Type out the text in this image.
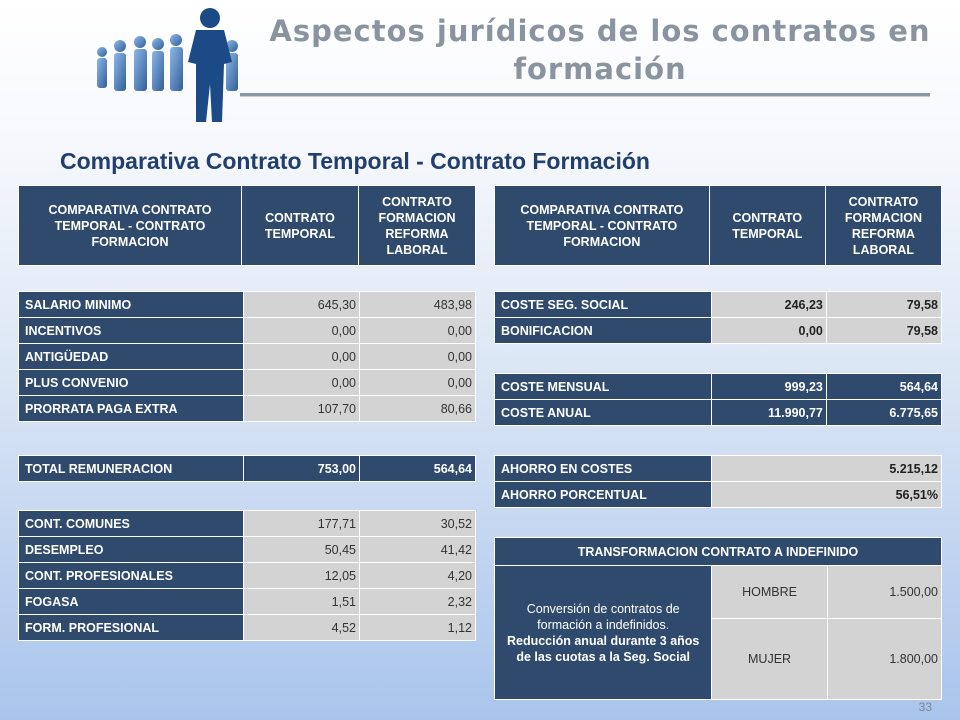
Aspectos jurídicos de los contratos en formación
Comparativa Contrato Temporal - Contrato Formación
COMPARATIVA CONTRATO TEMPORAL - CONTRATO FORMACION	CONTRATO TEMPORAL	CONTRATO FORMACION REFORMA LABORAL
SALARIO MINIMO	645,30	483,98
INCENTIVOS	0,00	0,00
ANTIGÜEDAD	0,00	0,00
PLUS CONVENIO	0,00	0,00
PRORRATA PAGA EXTRA	107,70	80,66
TOTAL REMUNERACION	753,00	564,64
CONT. COMUNES	177,71	30,52
DESEMPLEO	50,45	41,42
CONT. PROFESIONALES	12,05	4,20
FOGASA	1,51	2,32
FORM. PROFESIONAL	4,52	1,12
COMPARATIVA CONTRATO TEMPORAL - CONTRATO FORMACION	CONTRATO TEMPORAL	CONTRATO FORMACION REFORMA LABORAL
COSTE SEG. SOCIAL	246,23	79,58
BONIFICACION	0,00	79,58
COSTE MENSUAL	999,23	564,64
COSTE ANUAL	11.990,77	6.775,65
AHORRO EN COSTES	5.215,12
AHORRO PORCENTUAL	56,51%
TRANSFORMACION CONTRATO A INDEFINIDO		
Conversión de contratos de formación a indefinidos.
Reducción anual durante 3 años de las cuotas a la Seg. Social	HOMBRE	1.500,00
	MUJER	1.800,00
33
